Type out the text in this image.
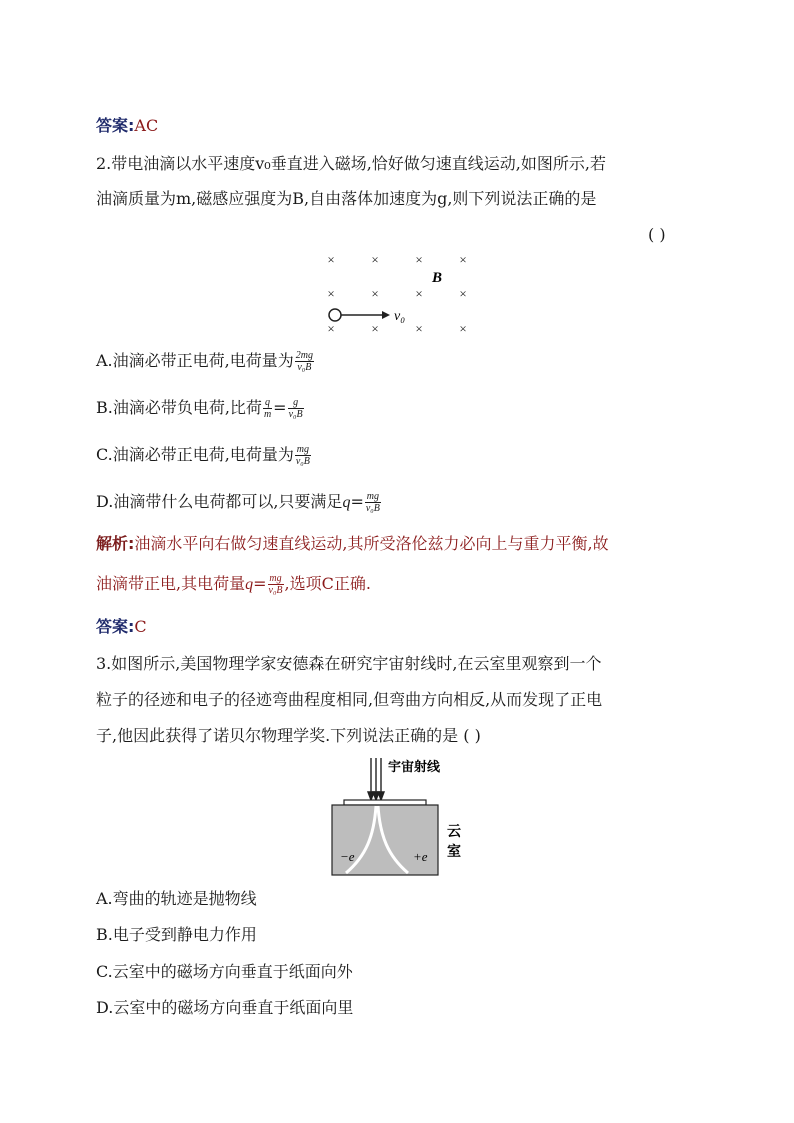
答案:AC
2.带电油滴以水平速度v₀垂直进入磁场,恰好做匀速直线运动,如图所示,若
油滴质量为m,磁感应强度为B,自由落体加速度为g,则下列说法正确的是
( )
×	×	×	×
×	×	×	×
×	×	×	×
B
v₀
A.油滴必带正电荷,电荷量为 $\frac{2mg}{\text{v₀B}}$
B.油滴必带负电荷,比荷 $\frac{q}{m} = \frac{g}{\text{v₀B}}$
C.油滴必带正电荷,电荷量为 $\frac{mg}{\text{v₀B}}$
D.油滴带什么电荷都可以,只要满足$q= \frac{mg}{\text{v₀B}}$
解析:油滴水平向右做匀速直线运动,其所受洛伦兹力必向上与重力平衡,故
油滴带正电,其电荷量$q= \frac{mg}{\text{v₀B}}$ ,选项C正确.
答案:C
3.如图所示,美国物理学家安德森在研究宇宙射线时,在云室里观察到一个
粒子的径迹和电子的径迹弯曲程度相同,但弯曲方向相反,从而发现了正电
子,他因此获得了诺贝尔物理学奖.下列说法正确的是 ( )
宇宙射线
−e	+e
云
室
A.弯曲的轨迹是抛物线
B.电子受到静电力作用
C.云室中的磁场方向垂直于纸面向外
D.云室中的磁场方向垂直于纸面向里
